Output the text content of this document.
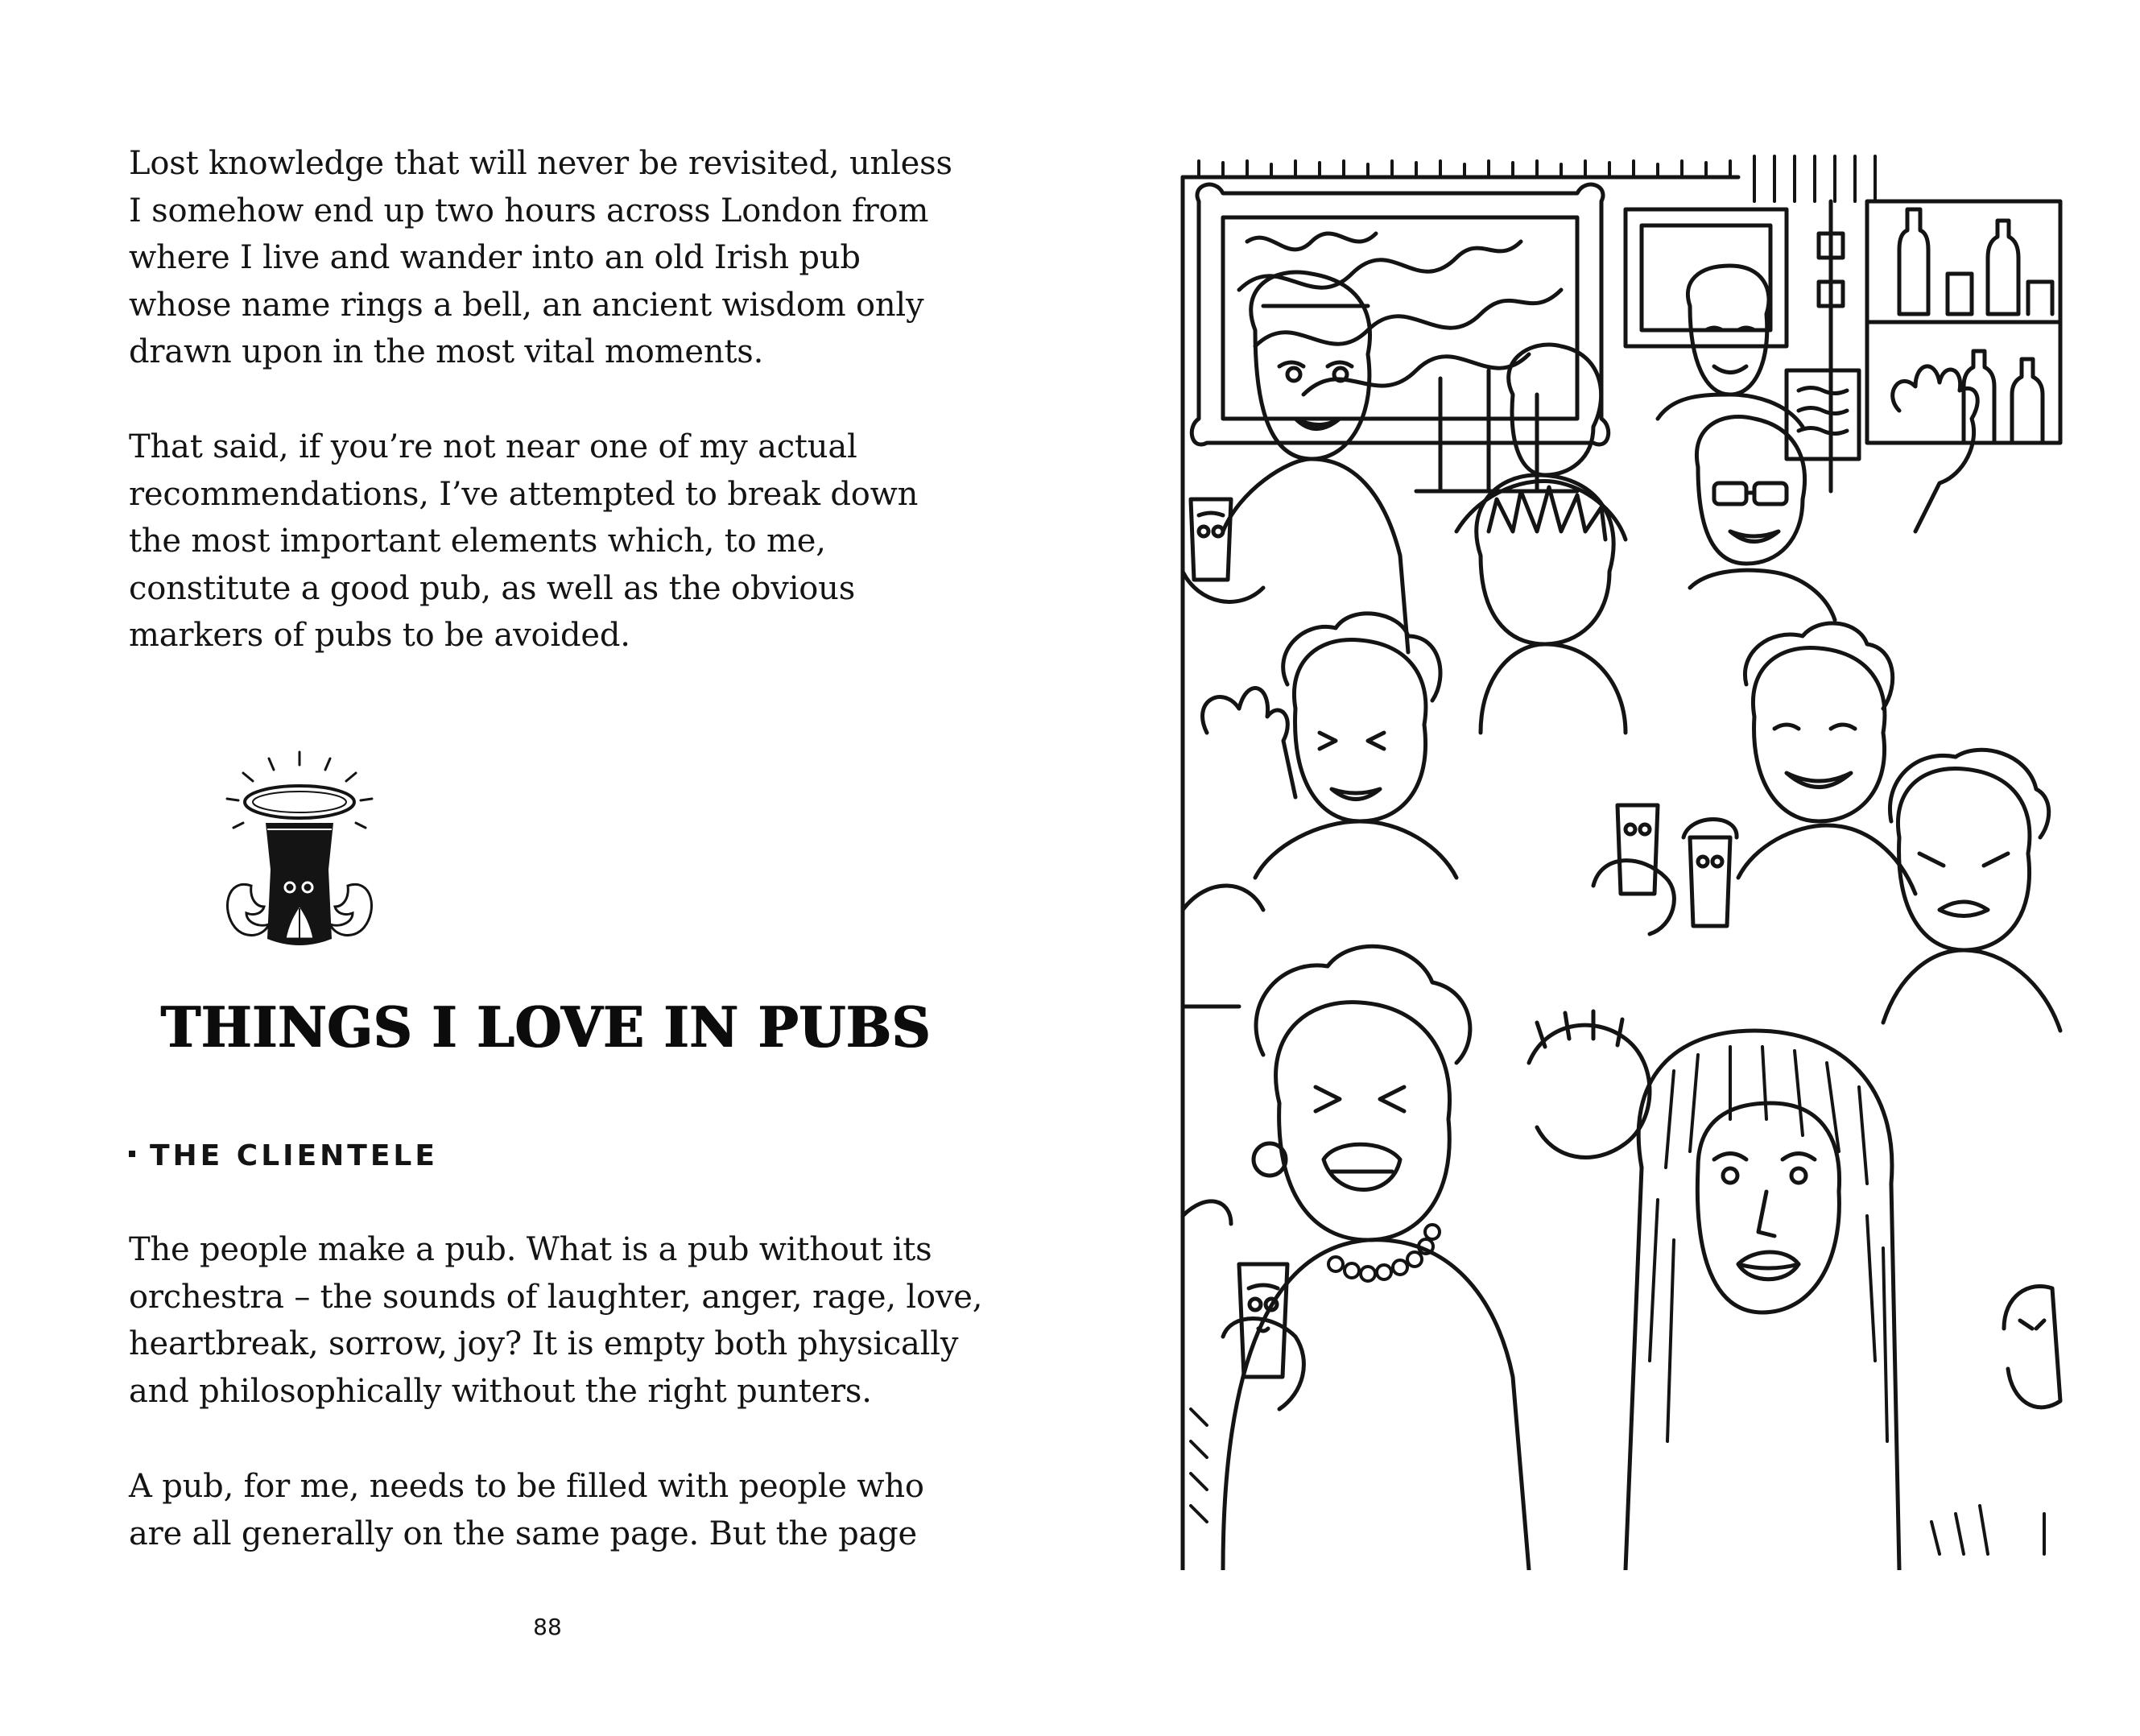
Lost knowledge that will never be revisited, unless
I somehow end up two hours across London from
where I live and wander into an old Irish pub
whose name rings a bell, an ancient wisdom only
drawn upon in the most vital moments.

That said, if you’re not near one of my actual
recommendations, I’ve attempted to break down
the most important elements which, to me,
constitute a good pub, as well as the obvious
markers of pubs to be avoided.

THINGS I LOVE IN PUBS
THE CLIENTELE

The people make a pub. What is a pub without its
orchestra – the sounds of laughter, anger, rage, love,
heartbreak, sorrow, joy? It is empty both physically
and philosophically without the right punters.

A pub, for me, needs to be filled with people who
are all generally on the same page. But the page

88
